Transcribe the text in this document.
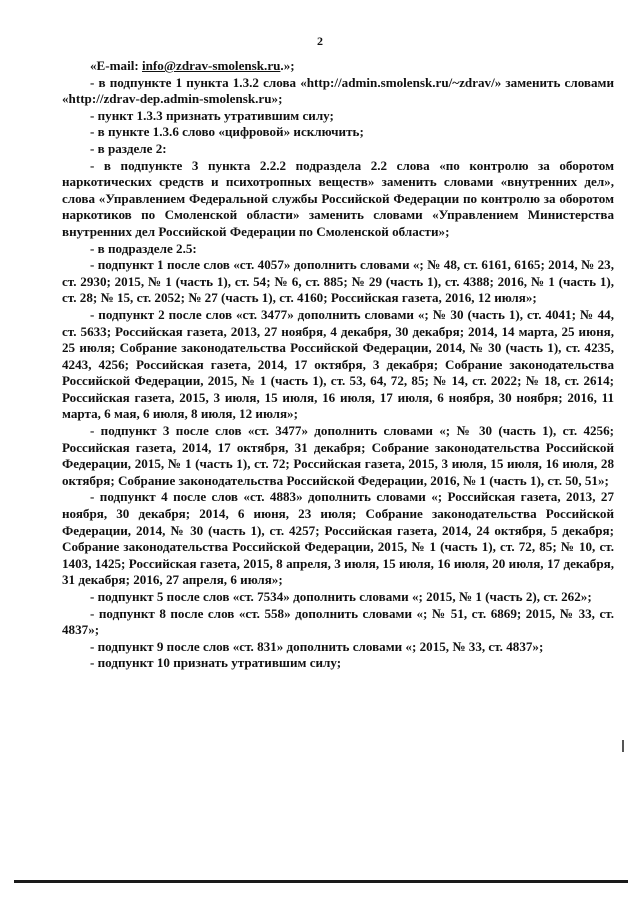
2

«E-mail: info@zdrav-smolensk.ru.»;

- в подпункте 1 пункта 1.3.2 слова «http://admin.smolensk.ru/~zdrav/» заменить словами «http://zdrav-dep.admin-smolensk.ru»;

- пункт 1.3.3 признать утратившим силу;

- в пункте 1.3.6 слово «цифровой» исключить;

- в разделе 2:

- в подпункте 3 пункта 2.2.2 подраздела 2.2 слова «по контролю за оборотом наркотических средств и психотропных веществ» заменить словами «внутренних дел», слова «Управлением Федеральной службы Российской Федерации по контролю за оборотом наркотиков по Смоленской области» заменить словами «Управлением Министерства внутренних дел Российской Федерации по Смоленской области»;

- в подразделе 2.5:

- подпункт 1 после слов «ст. 4057» дополнить словами «; № 48, ст. 6161, 6165; 2014, № 23, ст. 2930; 2015, № 1 (часть 1), ст. 54; № 6, ст. 885; № 29 (часть 1), ст. 4388; 2016, № 1 (часть 1), ст. 28; № 15, ст. 2052; № 27 (часть 1), ст. 4160; Российская газета, 2016, 12 июля»;

- подпункт 2 после слов «ст. 3477» дополнить словами «; № 30 (часть 1), ст. 4041; № 44, ст. 5633; Российская газета, 2013, 27 ноября, 4 декабря, 30 декабря; 2014, 14 марта, 25 июня, 25 июля; Собрание законодательства Российской Федерации, 2014, № 30 (часть 1), ст. 4235, 4243, 4256; Российская газета, 2014, 17 октября, 3 декабря; Собрание законодательства Российской Федерации, 2015, № 1 (часть 1), ст. 53, 64, 72, 85; № 14, ст. 2022; № 18, ст. 2614; Российская газета, 2015, 3 июля, 15 июля, 16 июля, 17 июля, 6 ноября, 30 ноября; 2016, 11 марта, 6 мая, 6 июля, 8 июля, 12 июля»;

- подпункт 3 после слов «ст. 3477» дополнить словами «; № 30 (часть 1), ст. 4256; Российская газета, 2014, 17 октября, 31 декабря; Собрание законодательства Российской Федерации, 2015, № 1 (часть 1), ст. 72; Российская газета, 2015, 3 июля, 15 июля, 16 июля, 28 октября; Собрание законодательства Российской Федерации, 2016, № 1 (часть 1), ст. 50, 51»;

- подпункт 4 после слов «ст. 4883» дополнить словами «; Российская газета, 2013, 27 ноября, 30 декабря; 2014, 6 июня, 23 июля; Собрание законодательства Российской Федерации, 2014, № 30 (часть 1), ст. 4257; Российская газета, 2014, 24 октября, 5 декабря; Собрание законодательства Российской Федерации, 2015, № 1 (часть 1), ст. 72, 85; № 10, ст. 1403, 1425; Российская газета, 2015, 8 апреля, 3 июля, 15 июля, 16 июля, 20 июля, 17 декабря, 31 декабря; 2016, 27 апреля, 6 июля»;

- подпункт 5 после слов «ст. 7534» дополнить словами «; 2015, № 1 (часть 2), ст. 262»;

- подпункт 8 после слов «ст. 558» дополнить словами «; № 51, ст. 6869; 2015, № 33, ст. 4837»;

- подпункт 9 после слов «ст. 831» дополнить словами «; 2015, № 33, ст. 4837»;

- подпункт 10 признать утратившим силу;
